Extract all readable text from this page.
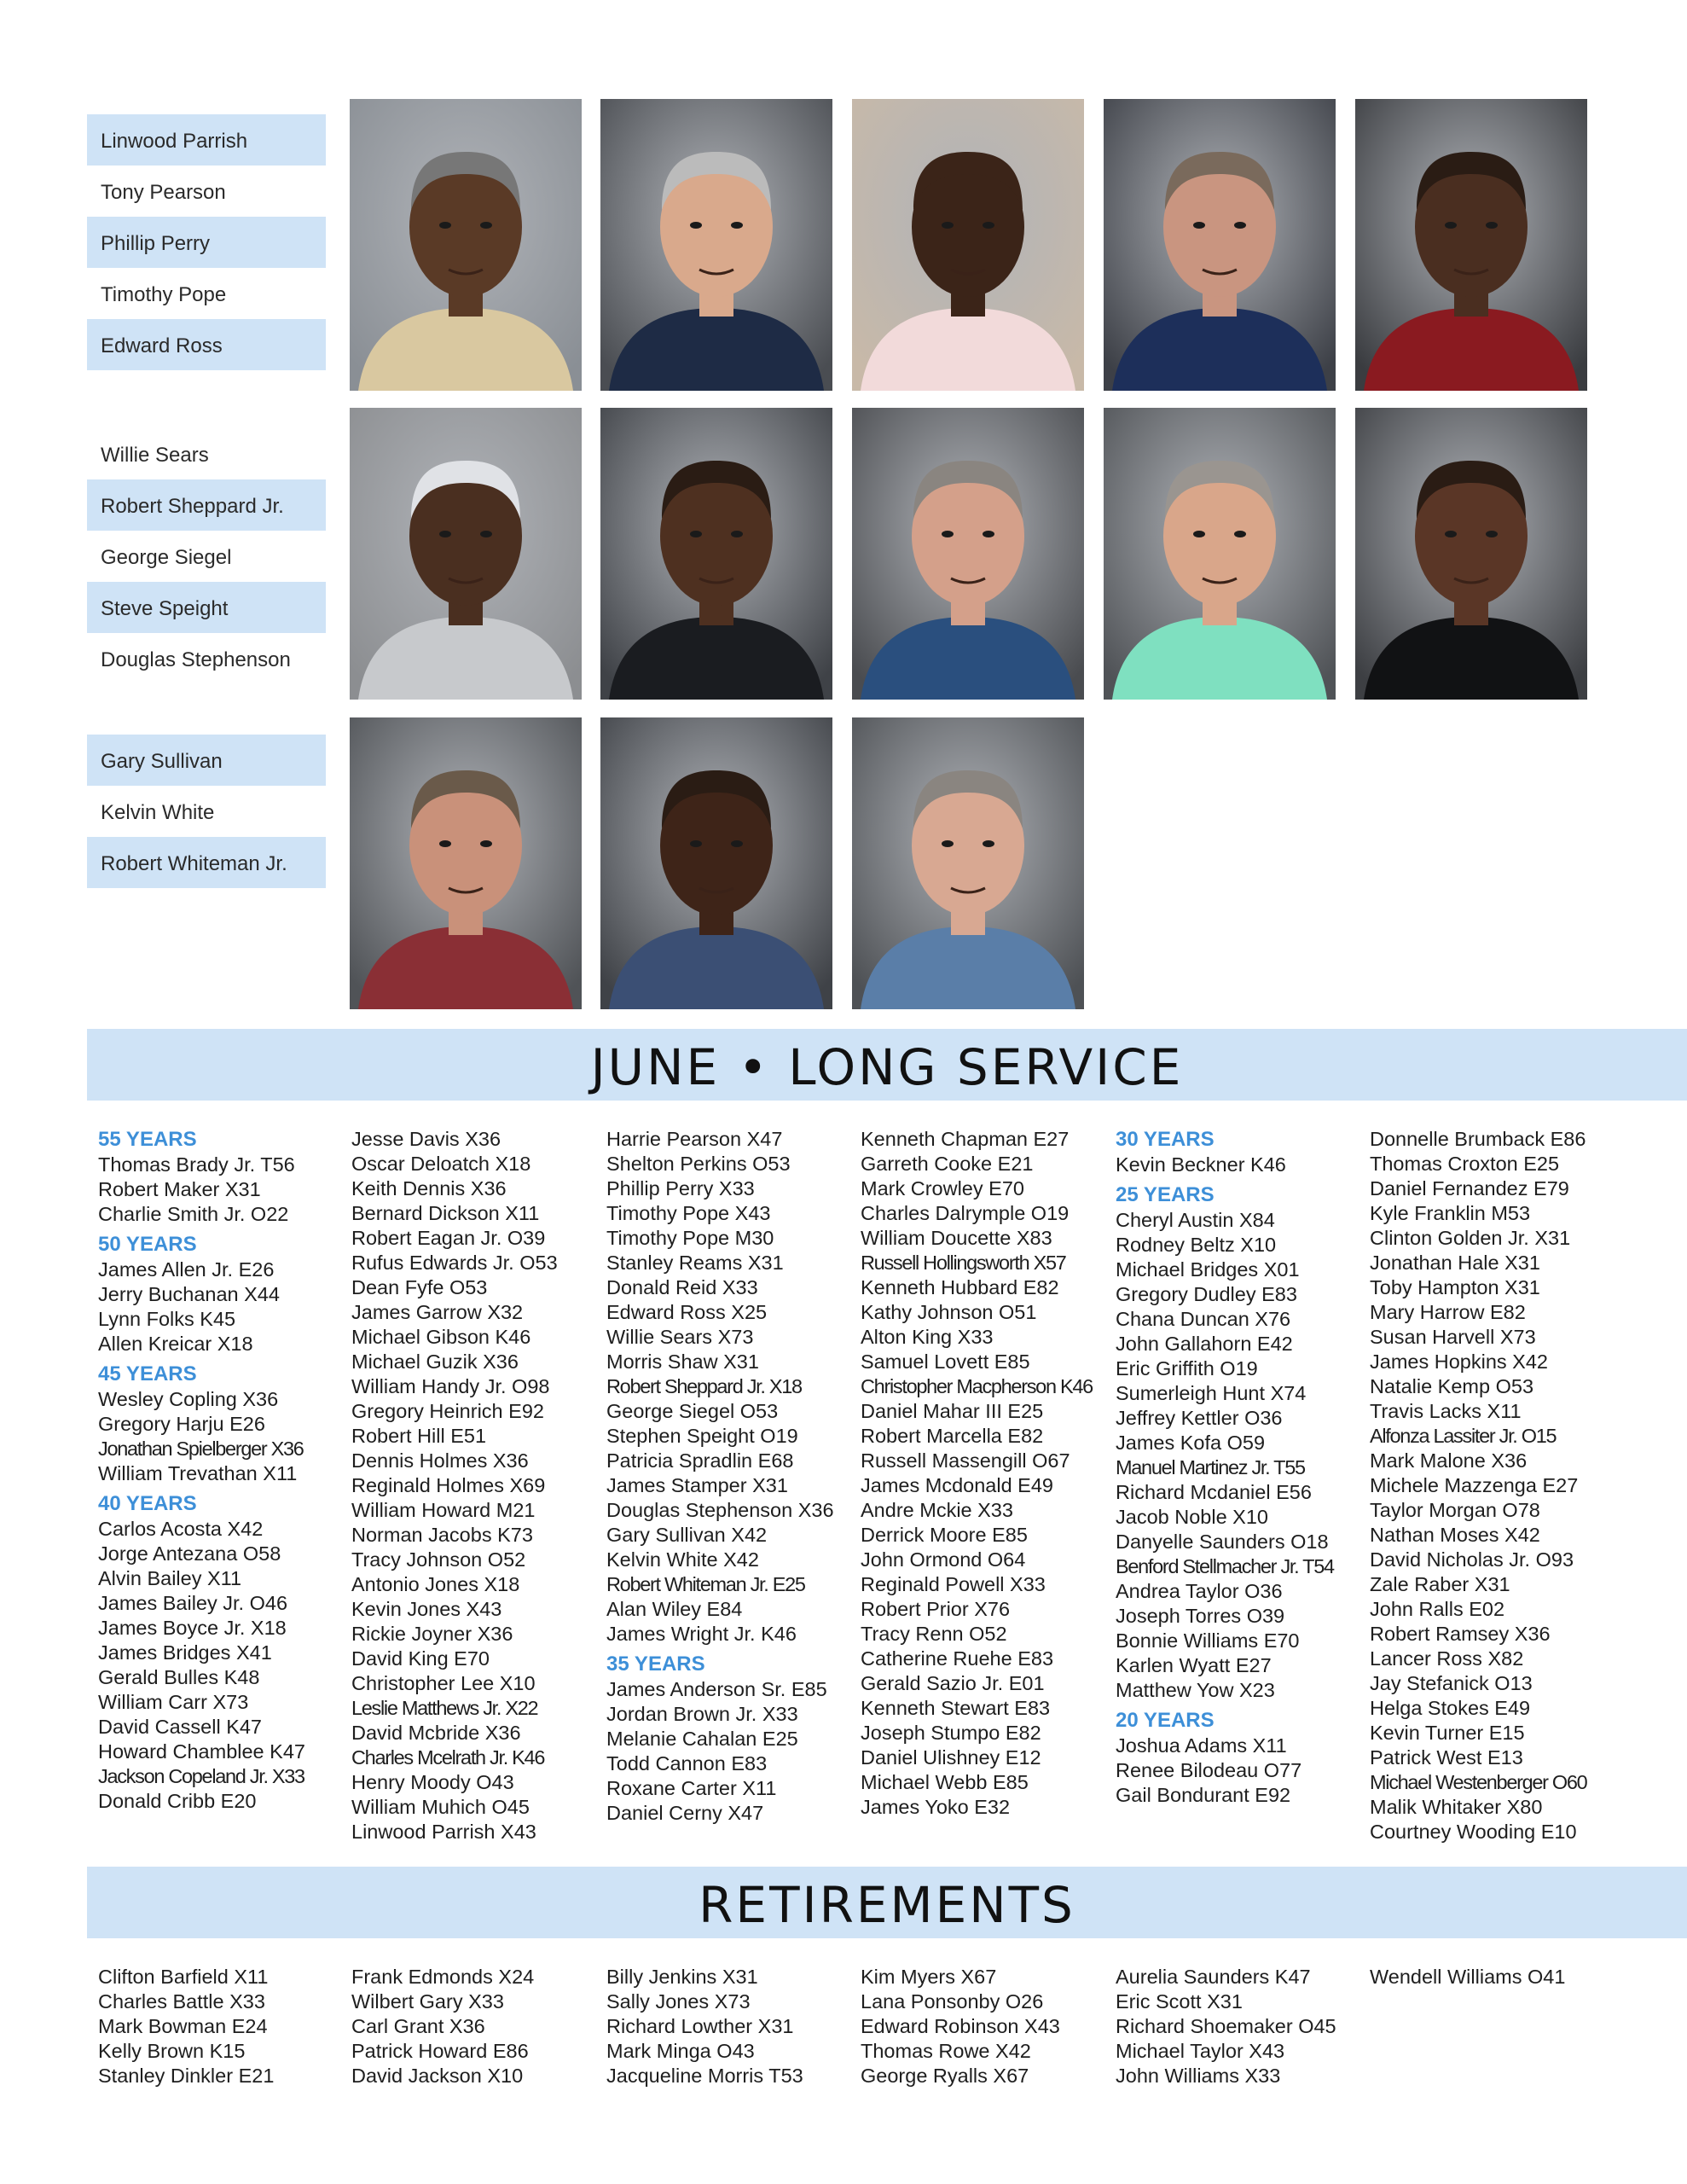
Linwood Parrish
Tony Pearson
Phillip Perry
Timothy Pope
Edward Ross
Willie Sears
Robert Sheppard Jr.
George Siegel
Steve Speight
Douglas Stephenson
Gary Sullivan
Kelvin White
Robert Whiteman Jr.
JUNE • LONG SERVICE
55 YEARS
Thomas Brady Jr. T56
Robert Maker X31
Charlie Smith Jr. O22
50 YEARS
James Allen Jr. E26
Jerry Buchanan X44
Lynn Folks K45
Allen Kreicar X18
45 YEARS
Wesley Copling X36
Gregory Harju E26
Jonathan Spielberger X36
William Trevathan X11
40 YEARS
Carlos Acosta X42
Jorge Antezana O58
Alvin Bailey X11
James Bailey Jr. O46
James Boyce Jr. X18
James Bridges X41
Gerald Bulles K48
William Carr X73
David Cassell K47
Howard Chamblee K47
Jackson Copeland Jr. X33
Donald Cribb E20
Jesse Davis X36
Oscar Deloatch X18
Keith Dennis X36
Bernard Dickson X11
Robert Eagan Jr. O39
Rufus Edwards Jr. O53
Dean Fyfe O53
James Garrow X32
Michael Gibson K46
Michael Guzik X36
William Handy Jr. O98
Gregory Heinrich E92
Robert Hill E51
Dennis Holmes X36
Reginald Holmes X69
William Howard M21
Norman Jacobs K73
Tracy Johnson O52
Antonio Jones X18
Kevin Jones X43
Rickie Joyner X36
David King E70
Christopher Lee X10
Leslie Matthews Jr. X22
David Mcbride X36
Charles Mcelrath Jr. K46
Henry Moody O43
William Muhich O45
Linwood Parrish X43
Harrie Pearson X47
Shelton Perkins O53
Phillip Perry X33
Timothy Pope X43
Timothy Pope M30
Stanley Reams X31
Donald Reid X33
Edward Ross X25
Willie Sears X73
Morris Shaw X31
Robert Sheppard Jr. X18
George Siegel O53
Stephen Speight O19
Patricia Spradlin E68
James Stamper X31
Douglas Stephenson X36
Gary Sullivan X42
Kelvin White X42
Robert Whiteman Jr. E25
Alan Wiley E84
James Wright Jr. K46
35 YEARS
James Anderson Sr. E85
Jordan Brown Jr. X33
Melanie Cahalan E25
Todd Cannon E83
Roxane Carter X11
Daniel Cerny X47
Kenneth Chapman E27
Garreth Cooke E21
Mark Crowley E70
Charles Dalrymple O19
William Doucette X83
Russell Hollingsworth X57
Kenneth Hubbard E82
Kathy Johnson O51
Alton King X33
Samuel Lovett E85
Christopher Macpherson K46
Daniel Mahar III E25
Robert Marcella E82
Russell Massengill O67
James Mcdonald E49
Andre Mckie X33
Derrick Moore E85
John Ormond O64
Reginald Powell X33
Robert Prior X76
Tracy Renn O52
Catherine Ruehe E83
Gerald Sazio Jr. E01
Kenneth Stewart E83
Joseph Stumpo E82
Daniel Ulishney E12
Michael Webb E85
James Yoko E32
30 YEARS
Kevin Beckner K46
25 YEARS
Cheryl Austin X84
Rodney Beltz X10
Michael Bridges X01
Gregory Dudley E83
Chana Duncan X76
John Gallahorn E42
Eric Griffith O19
Sumerleigh Hunt X74
Jeffrey Kettler O36
James Kofa O59
Manuel Martinez Jr. T55
Richard Mcdaniel E56
Jacob Noble X10
Danyelle Saunders O18
Benford Stellmacher Jr. T54
Andrea Taylor O36
Joseph Torres O39
Bonnie Williams E70
Karlen Wyatt E27
Matthew Yow X23
20 YEARS
Joshua Adams X11
Renee Bilodeau O77
Gail Bondurant E92
Donnelle Brumback E86
Thomas Croxton E25
Daniel Fernandez E79
Kyle Franklin M53
Clinton Golden Jr. X31
Jonathan Hale X31
Toby Hampton X31
Mary Harrow E82
Susan Harvell X73
James Hopkins X42
Natalie Kemp O53
Travis Lacks X11
Alfonza Lassiter Jr. O15
Mark Malone X36
Michele Mazzenga E27
Taylor Morgan O78
Nathan Moses X42
David Nicholas Jr. O93
Zale Raber X31
John Ralls E02
Robert Ramsey X36
Lancer Ross X82
Jay Stefanick O13
Helga Stokes E49
Kevin Turner E15
Patrick West E13
Michael Westenberger O60
Malik Whitaker X80
Courtney Wooding E10
RETIREMENTS
Clifton Barfield X11
Charles Battle X33
Mark Bowman E24
Kelly Brown K15
Stanley Dinkler E21
Frank Edmonds X24
Wilbert Gary X33
Carl Grant X36
Patrick Howard E86
David Jackson X10
Billy Jenkins X31
Sally Jones X73
Richard Lowther X31
Mark Minga O43
Jacqueline Morris T53
Kim Myers X67
Lana Ponsonby O26
Edward Robinson X43
Thomas Rowe X42
George Ryalls X67
Aurelia Saunders K47
Eric Scott X31
Richard Shoemaker O45
Michael Taylor X43
John Williams X33
Wendell Williams O41
